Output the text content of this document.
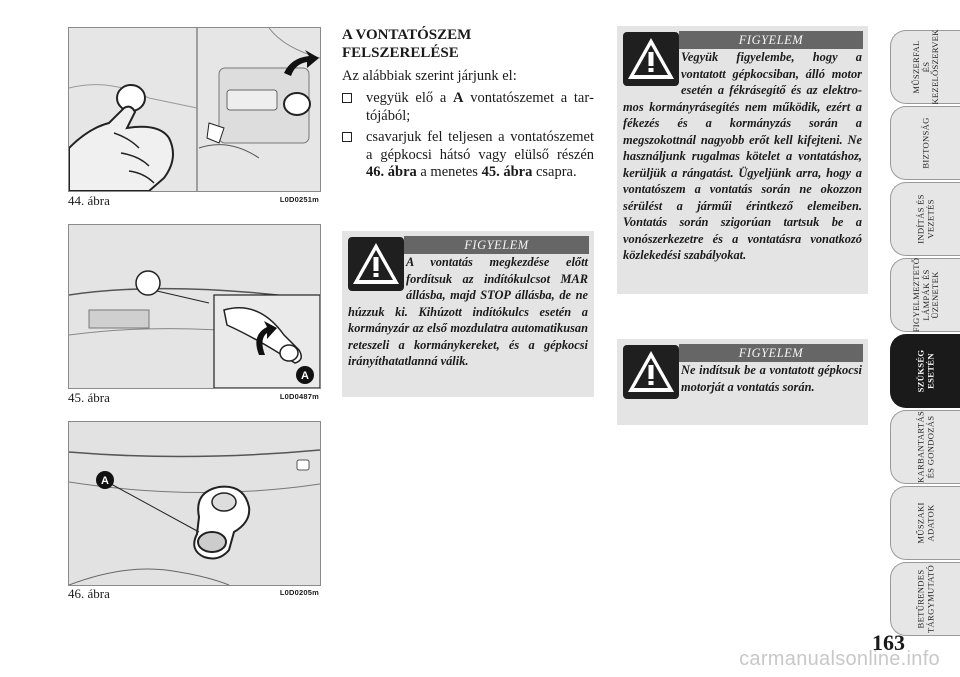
44. ábra	L0D0251m
A
45. ábra	L0D0487m
A
46. ábra	L0D0205m
A VONTATÓSZEM
FELSZERELÉSE

Az alábbiak szerint járjunk el:

vegyük elő a A vontatószemet a tartójából;

csavarjuk fel teljesen a vontatószemet a gépkocsi hátsó vagy elülső részén 46. ábra a menetes 45. ábra csapra.

FIGYELEM
A vontatás megkezdése előtt fordítsuk az indítókulcsot MAR állásba, majd STOP állásba, de ne húzzuk ki. Kihúzott indítókulcs esetén a kormányzár az első mozdulatra automatikusan reteszeli a kormánykereket, és a gépkocsi irányíthatatlanná válik.
FIGYELEM
Vegyük figyelembe, hogy a vontatott gépkocsiban, álló motor esetén a fékrásegítő és az elektromos kormányrásegítés nem működik, ezért a fékezés és a kormányzás során a megszokottnál nagyobb erőt kell kifejteni. Ne használjunk rugalmas kötelet a vontatáshoz, kerüljük a rángatást. Ügyeljünk arra, hogy a vontatószem a vontatás során ne okozzon sérülést a járműi érintkező elemeiben. Vontatás során szigorúan tartsuk be a vonószerkezetre és a vontatásra vonatkozó közlekedési szabályokat.
FIGYELEM
Ne indítsuk be a vontatott gépkocsi motorját a vontatás során.
MŰSZERFAL
ÉS
KEZELŐSZERVEK
BIZTONSÁG
INDÍTÁS ÉS
VEZETÉS
FIGYELMEZTETŐ
LÁMPÁK ÉS
ÜZENETEK
SZÜKSÉG
ESETÉN
KARBANTARTÁS
ÉS GONDOZÁS
MŰSZAKI
ADATOK
BETŰRENDES
TÁRGYMUTATÓ
163
carmanualsonline.info
